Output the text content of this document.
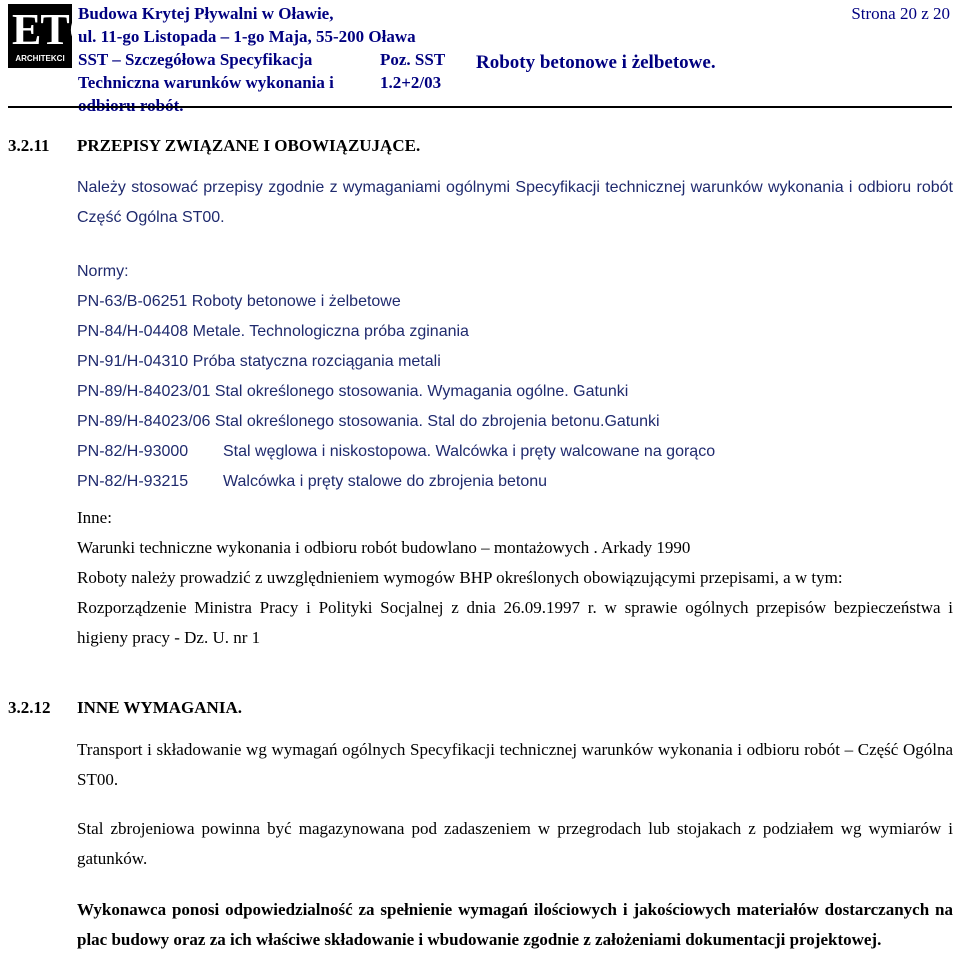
ETC
ARCHITEKCI
Budowa Krytej Pływalni w Oławie,
ul. 11-go Listopada – 1-go Maja, 55-200 Oława
SST – Szczegółowa Specyfikacja
Techniczna warunków wykonania i
odbioru robót.
Poz. SST
1.2+2/03
Roboty betonowe i żelbetowe.
Strona 20 z 20
3.2.11 PRZEPISY ZWIĄZANE I OBOWIĄZUJĄCE.
Należy stosować przepisy zgodnie z wymaganiami ogólnymi Specyfikacji technicznej warunków wykonania i odbioru robót Część Ogólna ST00.
Normy:
PN-63/B-06251 Roboty betonowe i żelbetowe
PN-84/H-04408 Metale. Technologiczna próba zginania
PN-91/H-04310 Próba statyczna rozciągania metali
PN-89/H-84023/01 Stal określonego stosowania. Wymagania ogólne. Gatunki
PN-89/H-84023/06 Stal określonego stosowania. Stal do zbrojenia betonu.Gatunki
PN-82/H-93000 Stal węglowa i niskostopowa. Walcówka i pręty walcowane na gorąco
PN-82/H-93215 Walcówka i pręty stalowe do zbrojenia betonu
Inne:
Warunki techniczne wykonania i odbioru robót budowlano – montażowych . Arkady 1990
Roboty należy prowadzić z uwzględnieniem wymogów BHP określonych obowiązującymi przepisami, a w tym:
Rozporządzenie Ministra Pracy i Polityki Socjalnej z dnia 26.09.1997 r. w sprawie ogólnych przepisów bezpieczeństwa i higieny pracy - Dz. U. nr 1
3.2.12 INNE WYMAGANIA.
Transport i składowanie wg wymagań ogólnych Specyfikacji technicznej warunków wykonania i odbioru robót – Część Ogólna ST00.
Stal zbrojeniowa powinna być magazynowana pod zadaszeniem w przegrodach lub stojakach z podziałem wg wymiarów i gatunków.
Wykonawca ponosi odpowiedzialność za spełnienie wymagań ilościowych i jakościowych materiałów dostarczanych na plac budowy oraz za ich właściwe składowanie i wbudowanie zgodnie z założeniami dokumentacji projektowej.
